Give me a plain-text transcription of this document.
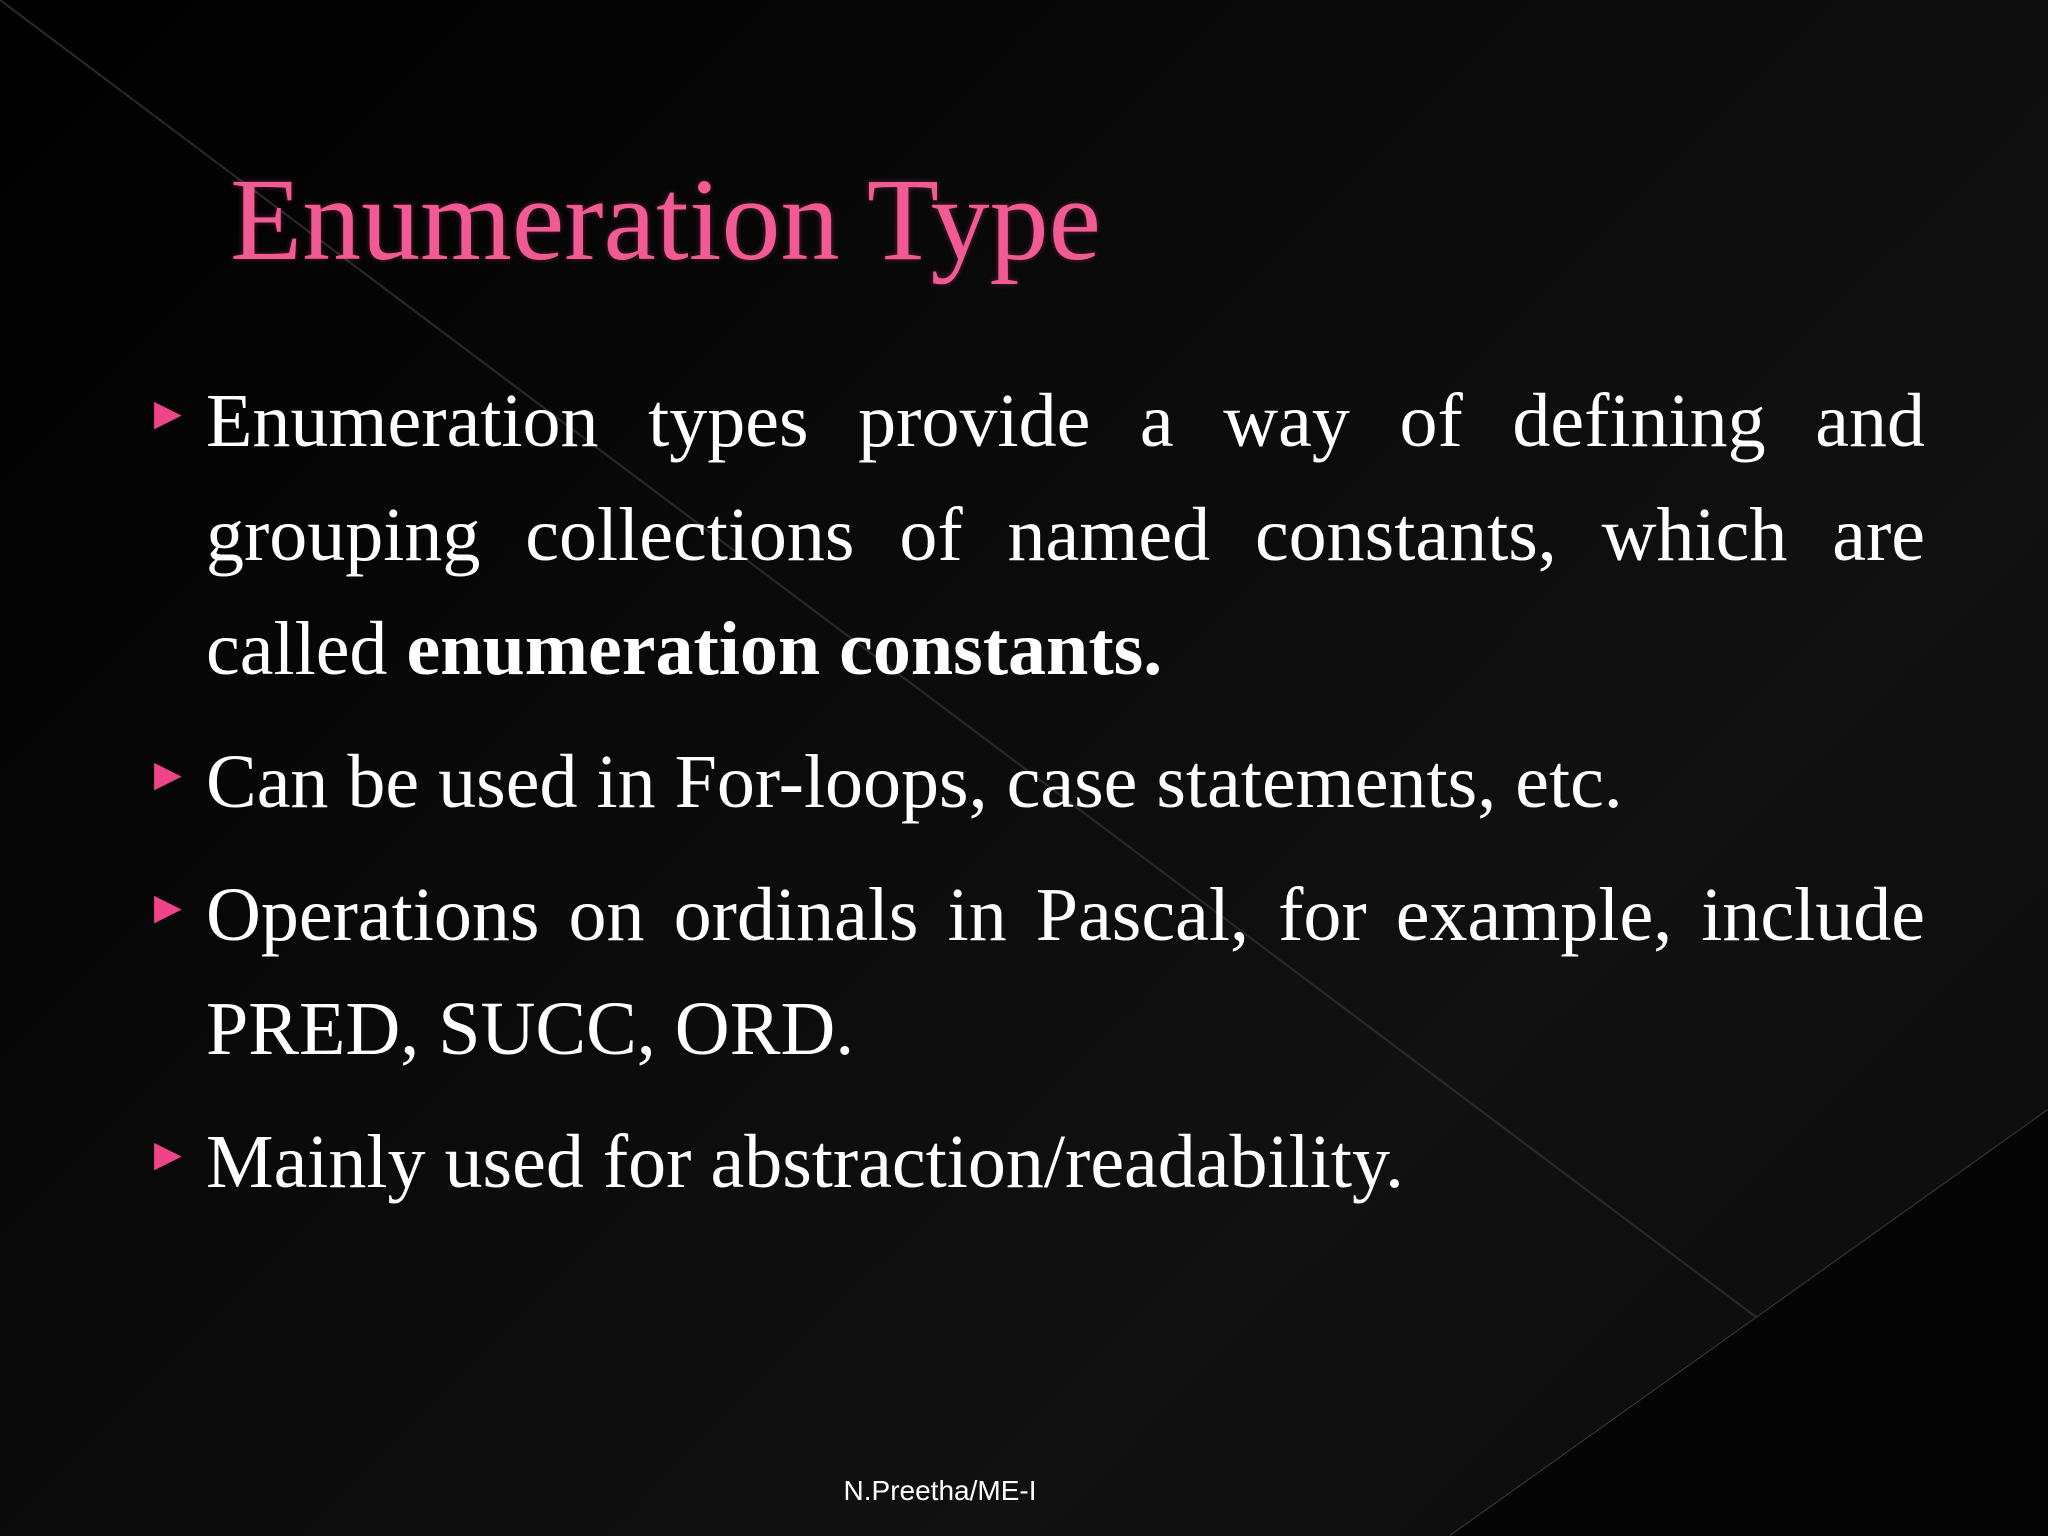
Enumeration Type
▶ Enumeration types provide a way of defining and grouping collections of named constants, which are called enumeration constants.
▶ Can be used in For-loops, case statements, etc.
▶ Operations on ordinals in Pascal, for example, include PRED, SUCC, ORD.
▶ Mainly used for abstraction/readability.
N.Preetha/ME-I
